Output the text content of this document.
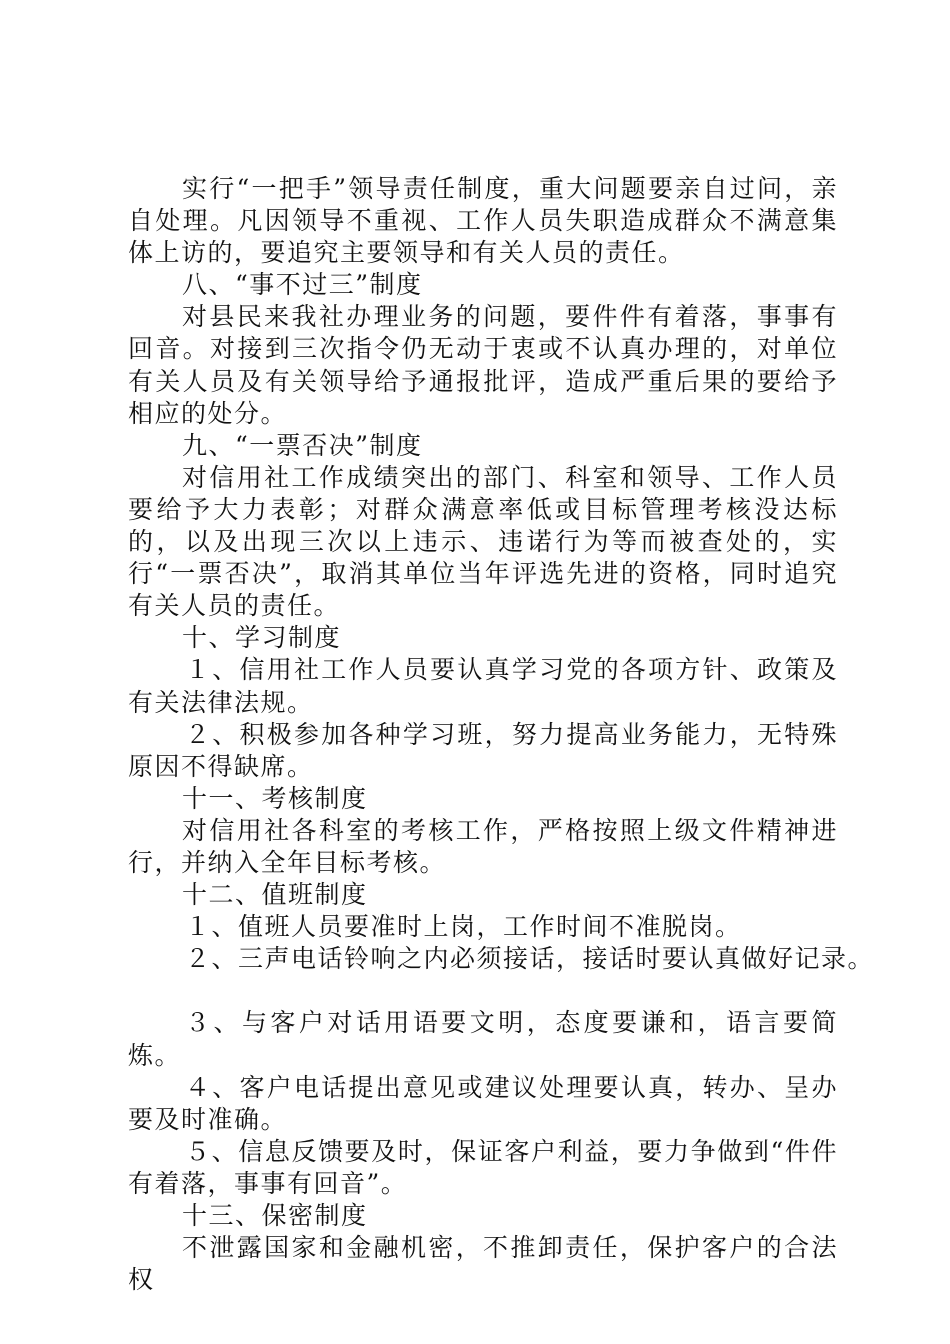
实行“一把手”领导责任制度，重大问题要亲自过问，亲自处理。凡因领导不重视、工作人员失职造成群众不满意集体上访的，要追究主要领导和有关人员的责任。

八、“事不过三”制度

对县民来我社办理业务的问题，要件件有着落，事事有回音。对接到三次指令仍无动于衷或不认真办理的，对单位有关人员及有关领导给予通报批评，造成严重后果的要给予相应的处分。

九、“一票否决”制度

对信用社工作成绩突出的部门、科室和领导、工作人员要给予大力表彰；对群众满意率低或目标管理考核没达标的，以及出现三次以上违示、违诺行为等而被查处的，实行“一票否决”，取消其单位当年评选先进的资格，同时追究有关人员的责任。

十、学习制度

１、信用社工作人员要认真学习党的各项方针、政策及有关法律法规。

２、积极参加各种学习班，努力提高业务能力，无特殊原因不得缺席。

十一、考核制度

对信用社各科室的考核工作，严格按照上级文件精神进行，并纳入全年目标考核。

十二、值班制度

１、值班人员要准时上岗，工作时间不准脱岗。

２、三声电话铃响之内必须接话，接话时要认真做好记录。

３、与客户对话用语要文明，态度要谦和，语言要简炼。

４、客户电话提出意见或建议处理要认真，转办、呈办要及时准确。

５、信息反馈要及时，保证客户利益，要力争做到“件件有着落，事事有回音”。

十三、保密制度

不泄露国家和金融机密，不推卸责任，保护客户的合法权
